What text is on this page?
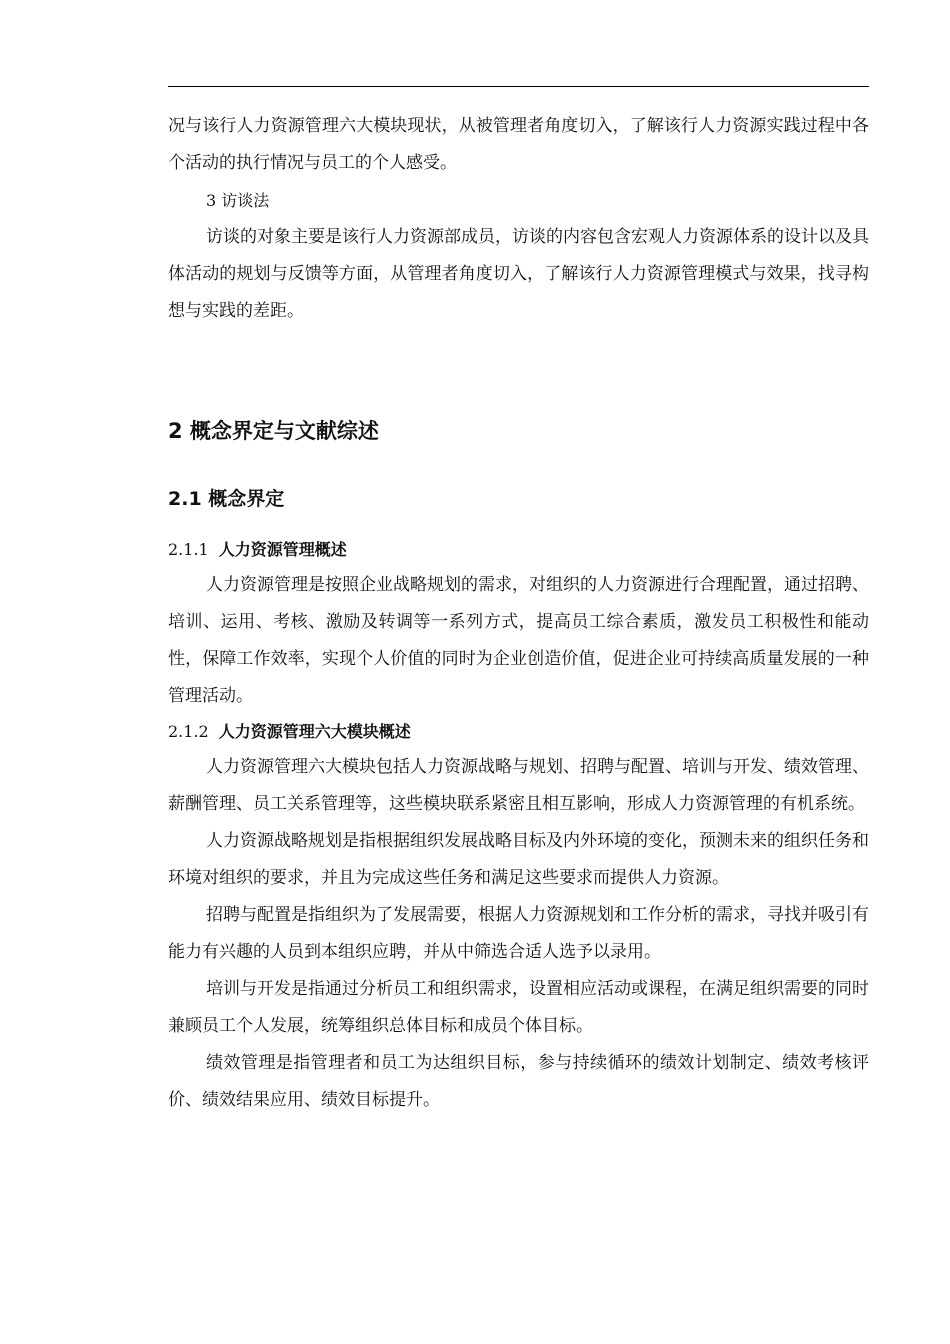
况与该行人力资源管理六大模块现状，从被管理者角度切入，了解该行人力资源实践过程中各个活动的执行情况与员工的个人感受。

3 访谈法

访谈的对象主要是该行人力资源部成员，访谈的内容包含宏观人力资源体系的设计以及具体活动的规划与反馈等方面，从管理者角度切入，了解该行人力资源管理模式与效果，找寻构想与实践的差距。

2 概念界定与文献综述
2.1 概念界定
2.1.1 人力资源管理概述

人力资源管理是按照企业战略规划的需求，对组织的人力资源进行合理配置，通过招聘、培训、运用、考核、激励及转调等一系列方式，提高员工综合素质，激发员工积极性和能动性，保障工作效率，实现个人价值的同时为企业创造价值，促进企业可持续高质量发展的一种管理活动。

2.1.2 人力资源管理六大模块概述

人力资源管理六大模块包括人力资源战略与规划、招聘与配置、培训与开发、绩效管理、薪酬管理、员工关系管理等，这些模块联系紧密且相互影响，形成人力资源管理的有机系统。

人力资源战略规划是指根据组织发展战略目标及内外环境的变化，预测未来的组织任务和环境对组织的要求，并且为完成这些任务和满足这些要求而提供人力资源。

招聘与配置是指组织为了发展需要，根据人力资源规划和工作分析的需求，寻找并吸引有能力有兴趣的人员到本组织应聘，并从中筛选合适人选予以录用。

培训与开发是指通过分析员工和组织需求，设置相应活动或课程，在满足组织需要的同时兼顾员工个人发展，统筹组织总体目标和成员个体目标。

绩效管理是指管理者和员工为达组织目标，参与持续循环的绩效计划制定、绩效考核评价、绩效结果应用、绩效目标提升。
